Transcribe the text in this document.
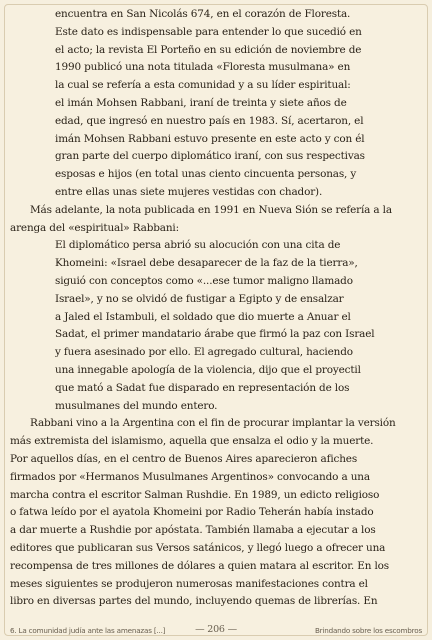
encuentra en San Nicolás 674, en el corazón de Floresta.
Este dato es indispensable para entender lo que sucedió en
el acto; la revista El Porteño en su edición de noviembre de
1990 publicó una nota titulada «Floresta musulmana» en
la cual se refería a esta comunidad y a su líder espiritual:
el imán Mohsen Rabbani, iraní de treinta y siete años de
edad, que ingresó en nuestro país en 1983. Sí, acertaron, el
imán Mohsen Rabbani estuvo presente en este acto y con él
gran parte del cuerpo diplomático iraní, con sus respectivas
esposas e hijos (en total unas ciento cincuenta personas, y
entre ellas unas siete mujeres vestidas con chador).
Más adelante, la nota publicada en 1991 en Nueva Sión se refería a la
arenga del «espiritual» Rabbani:
El diplomático persa abrió su alocución con una cita de
Khomeini: «Israel debe desaparecer de la faz de la tierra»,
siguió con conceptos como «...ese tumor maligno llamado
Israel», y no se olvidó de fustigar a Egipto y de ensalzar
a Jaled el Istambuli, el soldado que dio muerte a Anuar el
Sadat, el primer mandatario árabe que firmó la paz con Israel
y fuera asesinado por ello. El agregado cultural, haciendo
una innegable apología de la violencia, dijo que el proyectil
que mató a Sadat fue disparado en representación de los
musulmanes del mundo entero.
Rabbani vino a la Argentina con el fin de procurar implantar la versión
más extremista del islamismo, aquella que ensalza el odio y la muerte.
Por aquellos días, en el centro de Buenos Aires aparecieron afiches
firmados por «Hermanos Musulmanes Argentinos» convocando a una
marcha contra el escritor Salman Rushdie. En 1989, un edicto religioso
o fatwa leído por el ayatola Khomeini por Radio Teherán había instado
a dar muerte a Rushdie por apóstata. También llamaba a ejecutar a los
editores que publicaran sus Versos satánicos, y llegó luego a ofrecer una
recompensa de tres millones de dólares a quien matara al escritor. En los
meses siguientes se produjeron numerosas manifestaciones contra el
libro en diversas partes del mundo, incluyendo quemas de librerías. En
6. La comunidad judía ante las amenazas [...]	— 206 —	Brindando sobre los escombros
